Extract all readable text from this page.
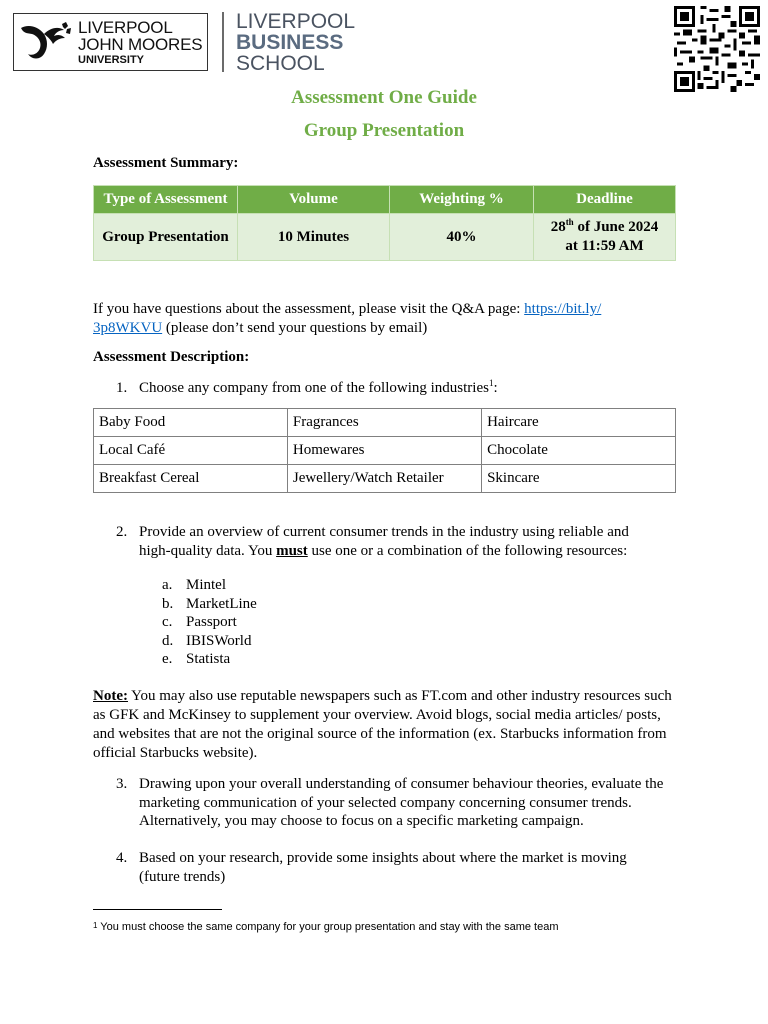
LIVERPOOL
JOHN MOORES
UNIVERSITY
LIVERPOOL
BUSINESS
SCHOOL
Assessment One Guide
Group Presentation
Assessment Summary:
Type of Assessment	Volume	Weighting %	Deadline
Group Presentation	10 Minutes	40%	28th of June 2024
at 11:59 AM
If you have questions about the assessment, please visit the Q&A page: https://bit.ly/
3p8WKVU (please don’t send your questions by email)
Assessment Description:
1. Choose any company from one of the following industries$^1$:
Baby Food	Fragrances	Haircare
Local Café	Homewares	Chocolate
Breakfast Cereal	Jewellery/Watch Retailer	Skincare
2. Provide an overview of current consumer trends in the industry using reliable and
high-quality data. You must use one or a combination of the following resources:
a. Mintel
b. MarketLine
c. Passport
d. IBISWorld
e. Statista
Note: You may also use reputable newspapers such as FT.com and other industry resources such as GFK and McKinsey to supplement your overview. Avoid blogs, social media articles/ posts, and websites that are not the original source of the information (ex. Starbucks information from official Starbucks website).
3. Drawing upon your overall understanding of consumer behaviour theories, evaluate the marketing communication of your selected company concerning consumer trends. Alternatively, you may choose to focus on a specific marketing campaign.
4. Based on your research, provide some insights about where the market is moving (future trends)
$^1$ You must choose the same company for your group presentation and stay with the same team
